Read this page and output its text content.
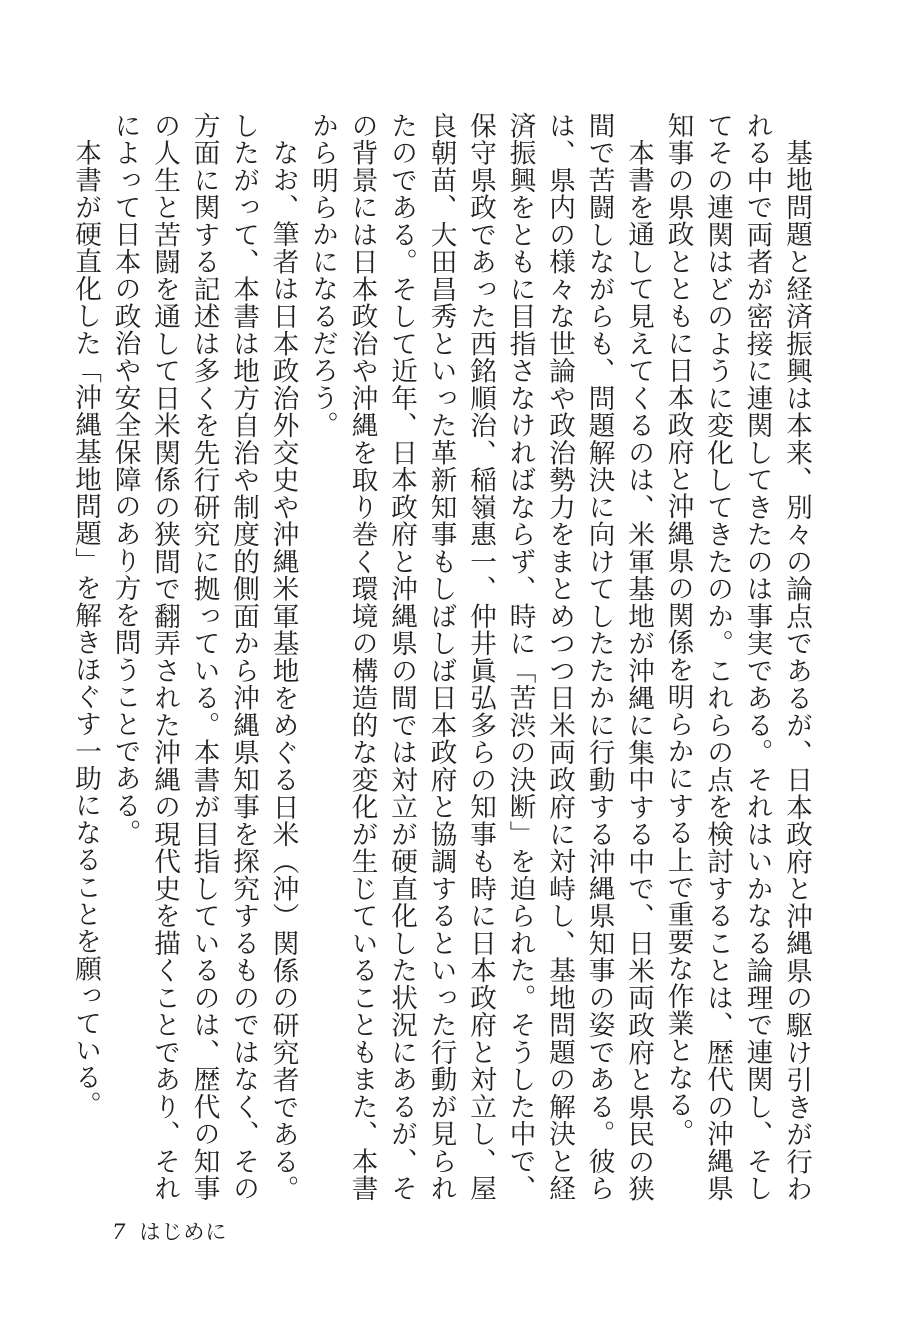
基地問題と経済振興は本来、別々の論点であるが、日本政府と沖縄県の駆け引きが行われる中で両者が密接に連関してきたのは事実である。それはいかなる論理で連関し、そしてその連関はどのように変化してきたのか。これらの点を検討することは、歴代の沖縄県知事の県政とともに日本政府と沖縄県の関係を明らかにする上で重要な作業となる。

本書を通して見えてくるのは、米軍基地が沖縄に集中する中で、日米両政府と県民の狭間で苦闘しながらも、問題解決に向けてしたたかに行動する沖縄県知事の姿である。彼らは、県内の様々な世論や政治勢力をまとめつつ日米両政府に対峙し、基地問題の解決と経済振興をともに目指さなければならず、時に「苦渋の決断」を迫られた。そうした中で、保守県政であった西銘順治、稲嶺惠一、仲井眞弘多らの知事も時に日本政府と対立し、屋良朝苗、大田昌秀といった革新知事もしばしば日本政府と協調するといった行動が見られたのである。そして近年、日本政府と沖縄県の間では対立が硬直化した状況にあるが、その背景には日本政治や沖縄を取り巻く環境の構造的な変化が生じていることもまた、本書から明らかになるだろう。

なお、筆者は日本政治外交史や沖縄米軍基地をめぐる日米（沖）関係の研究者である。したがって、本書は地方自治や制度的側面から沖縄県知事を探究するものではなく、その方面に関する記述は多くを先行研究に拠っている。本書が目指しているのは、歴代の知事の人生と苦闘を通して日米関係の狭間で翻弄された沖縄の現代史を描くことであり、それによって日本の政治や安全保障のあり方を問うことである。

本書が硬直化した「沖縄基地問題」を解きほぐす一助になることを願っている。

7 はじめに
